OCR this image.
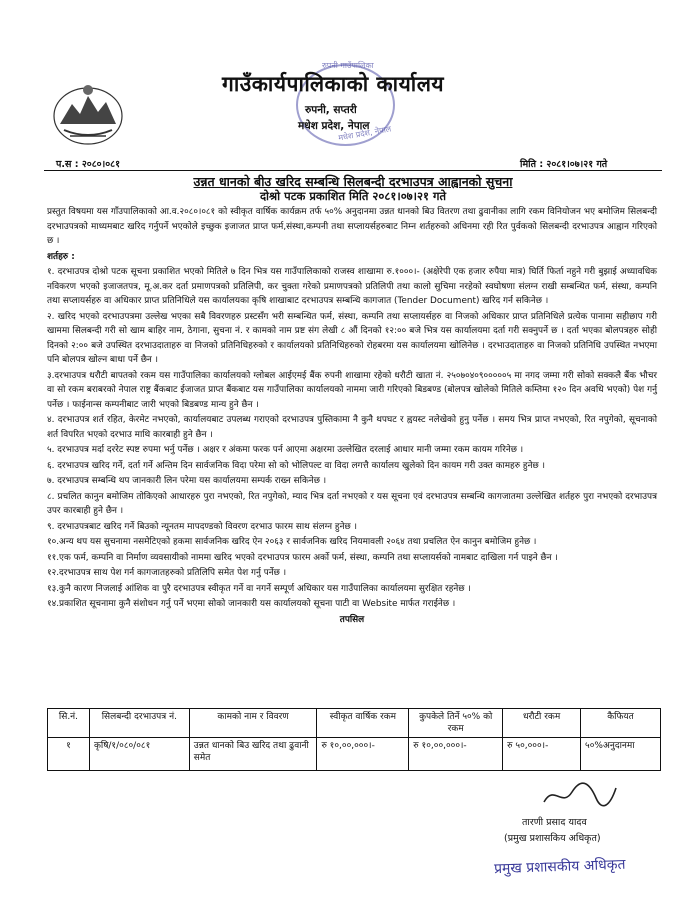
रुपनी गाउँपालिका
मधेश प्रदेश, नेपाल
गाउँकार्यपालिकाको कार्यालय
रुपनी, सप्तरी
मधेश प्रदेश, नेपाल
प.स : २०८०।०८१	मिति : २०८१।०७।२१ गते
उन्नत धानको बीउ खरिद सम्बन्धि सिलबन्दी दरभाउपत्र आह्वानको सुचना
दोश्रो पटक प्रकाशित मिति २०८१।०७।२१ गते

प्रस्तुत विषयमा यस गाँउपालिकाको आ.व.२०८०।०८१ को स्वीकृत वार्षिक कार्यक्रम तर्फ ५०% अनुदानमा उन्नत धानको बिउ वितरण तथा ढुवानीका लागि रकम विनियोजन भए बमोजिम सिलबन्दी दरभाउपत्रको माध्यमबाट खरिद गर्नुपर्ने भएकोले इच्छुक इजाजत प्राप्त फर्म,संस्था,कम्पनी तथा सप्लायर्सहरुबाट निम्न शर्तहरुको अधिनमा रही रित पुर्वकको सिलबन्दी दरभाउपत्र आह्वान गरिएको छ ।

शर्तहरु :

१. दरभाउपत्र दोश्रो पटक सूचना प्रकाशित भएको मितिले ७ दिन भित्र यस गाउँपालिकाको राजस्व शाखामा रु.१०००।- (अक्षेरेपी एक हजार रुपैया मात्र) घिर्ति फिर्ता नहुने गरी बुझाई अध्यावधिक नविकरण भएको इजाजतपत्र, मू.अ.कर दर्ता प्रमाणपत्रको प्रतिलिपी, कर चुक्ता गरेको प्रमाणपत्रको प्रतिलिपी तथा कालो सुचिमा नरहेको स्वघोषणा संलग्न राखी सम्बन्धित फर्म, संस्था, कम्पनि तथा सप्लायर्सहरु वा अधिकार प्राप्त प्रतिनिधिले यस कार्यालयका कृषि शाखाबाट दरभाउपत्र सम्बन्धि कागजात (Tender Document) खरिद गर्न सकिनेछ ।

२. खरिद भएको दरभाउपत्रमा उल्लेख भएका सबै विवरणहरु प्रस्टसँग भरी सम्बन्धित फर्म, संस्था, कम्पनि तथा सप्लायर्सहरु वा निजको अधिकार प्राप्त प्रतिनिधिले प्रत्येक पानामा सहीछाप गरी खाममा सिलबन्दी गरी सो खाम बाहिर नाम, ठेगाना, सुचना नं. र कामको नाम प्रष्ट संग लेखी ८ औं दिनको १२:०० बजे भित्र यस कार्यालयमा दर्ता गरी सक्नुपर्ने छ । दर्ता भएका बोलपत्रहरु सोही दिनको २:०० बजे उपस्थित दरभाउदाताहरु वा निजको प्रतिनिधिहरुको र कार्यालयको प्रतिनिधिहरुको रोहबरमा यस कार्यालयमा खोलिनेछ । दरभाउदाताहरु वा निजको प्रतिनिधि उपस्थित नभएमा पनि बोलपत्र खोल्न बाधा पर्ने छैन ।

३.दरभाउपत्र धरौटी बापतको रकम यस गाउँपालिका कार्यालयको ग्लोबल आईएमई बैंक रुपनी शाखामा रहेको धरौटी खाता नं. २५०७०४०९०००००५ मा नगद जम्मा गरी सोको सक्कलै बैंक भौचर वा सो रकम बराबरको नेपाल राष्ट्र बैंकबाट ईजाजत प्राप्त बैंकबाट यस गाउँपालिका कार्यालयको नाममा जारी गरिएको बिडबण्ड (बोलपत्र खोलेको मितिले कम्तिमा १२० दिन अवधि भएको) पेश गर्नु पर्नेछ । फाईनान्स कम्पनीबाट जारी भएको बिडबण्ड मान्य हुने छैन ।

४. दरभाउपत्र शर्त रहित, केरमेट नभएको, कार्यालयबाट उपलब्ध गराएको दरभाउपत्र पुस्तिकामा नै कुनै थपघट र ह्वयस्ट नलेखेको हुनु पर्नेछ । समय भित्र प्राप्त नभएको, रित नपुगेको, सूचनाको शर्त विपरित भएको दरभाउ माथि कारबाही हुने छैन ।

५. दरभाउपत्र मर्दा दररेट स्पष्ट रुपमा भर्नु पर्नेछ । अक्षर र अंकमा फरक पर्न आएमा अक्षरमा उल्लेखित दरलाई आधार मानी जम्मा रकम कायम गरिनेछ ।

६. दरभाउपत्र खरिद गर्ने, दर्ता गर्ने अन्तिम दिन सार्वजनिक विदा परेमा सो को भोलिपल्ट वा विदा लगत्तै कार्यालय खुलेको दिन कायम गरी उक्त कामहरु हुनेछ ।

७. दरभाउपत्र सम्बन्धि थप जानकारी लिन परेमा यस कार्यालयमा सम्पर्क राख्न सकिनेछ ।

८. प्रचलित कानुन बमोजिम तोकिएको आधारहरु पुरा नभएको, रित नपुगेको, म्याद भित्र दर्ता नभएको र यस सूचना एवं दरभाउपत्र सम्बन्धि कागजातमा उल्लेखित शर्तहरु पुरा नभएको दरभाउपत्र उपर कारबाही हुने छैन ।

९. दरभाउपत्रबाट खरिद गर्ने बिउको न्यूनतम मापदण्डको विवरण दरभाउ फारम साथ संलग्न हुनेछ ।

१०.अन्य थप यस सुचनामा नसमेटिएको हकमा सार्वजनिक खरिद ऐन २०६३ र सार्वजनिक खरिद नियमावली २०६४ तथा प्रचलित ऐन कानुन बमोजिम हुनेछ ।

११.एक फर्म, कम्पनि वा निर्माण व्यवसायीको नाममा खरिद भएको दरभाउपत्र फारम अर्को फर्म, संस्था, कम्पनि तथा सप्लायर्सको नामबाट दाखिला गर्न पाइने छैन ।

१२.दरभाउपत्र साथ पेश गर्न कागजातहरुको प्रतिलिपि समेत पेश गर्नु पर्नेछ ।

१३.कुनै कारण निजलाई आंशिक वा पुरै दरभाउपत्र स्वीकृत गर्ने वा नगर्ने सम्पूर्ण अधिकार यस गाउँपालिका कार्यालयमा सुरक्षित रहनेछ ।

१४.प्रकाशित सूचनामा कुनै संशोधन गर्नु पर्ने भएमा सोको जानकारी यस कार्यालयको सूचना पाटी वा Website मार्फत गराईनेछ ।

तपसिल

सि.नं.	सिलबन्दी दरभाउपत्र नं.	कामको नाम र विवरण	स्वीकृत वार्षिक रकम	कुपकेले तिर्ने ५०% को रकम	धरौटी रकम	कैफियत
१	कृषि/१/०८०/०८१	उन्नत धानको बिउ खरिद तथा ढुवानी समेत	रु १०,००,०००।-	रु १०,००,०००।-	रु ५०,०००।-	५०%अनुदानमा
तारणी प्रसाद यादव
(प्रमुख प्रशासकिय अधिकृत)
प्रमुख प्रशासकीय अधिकृत
